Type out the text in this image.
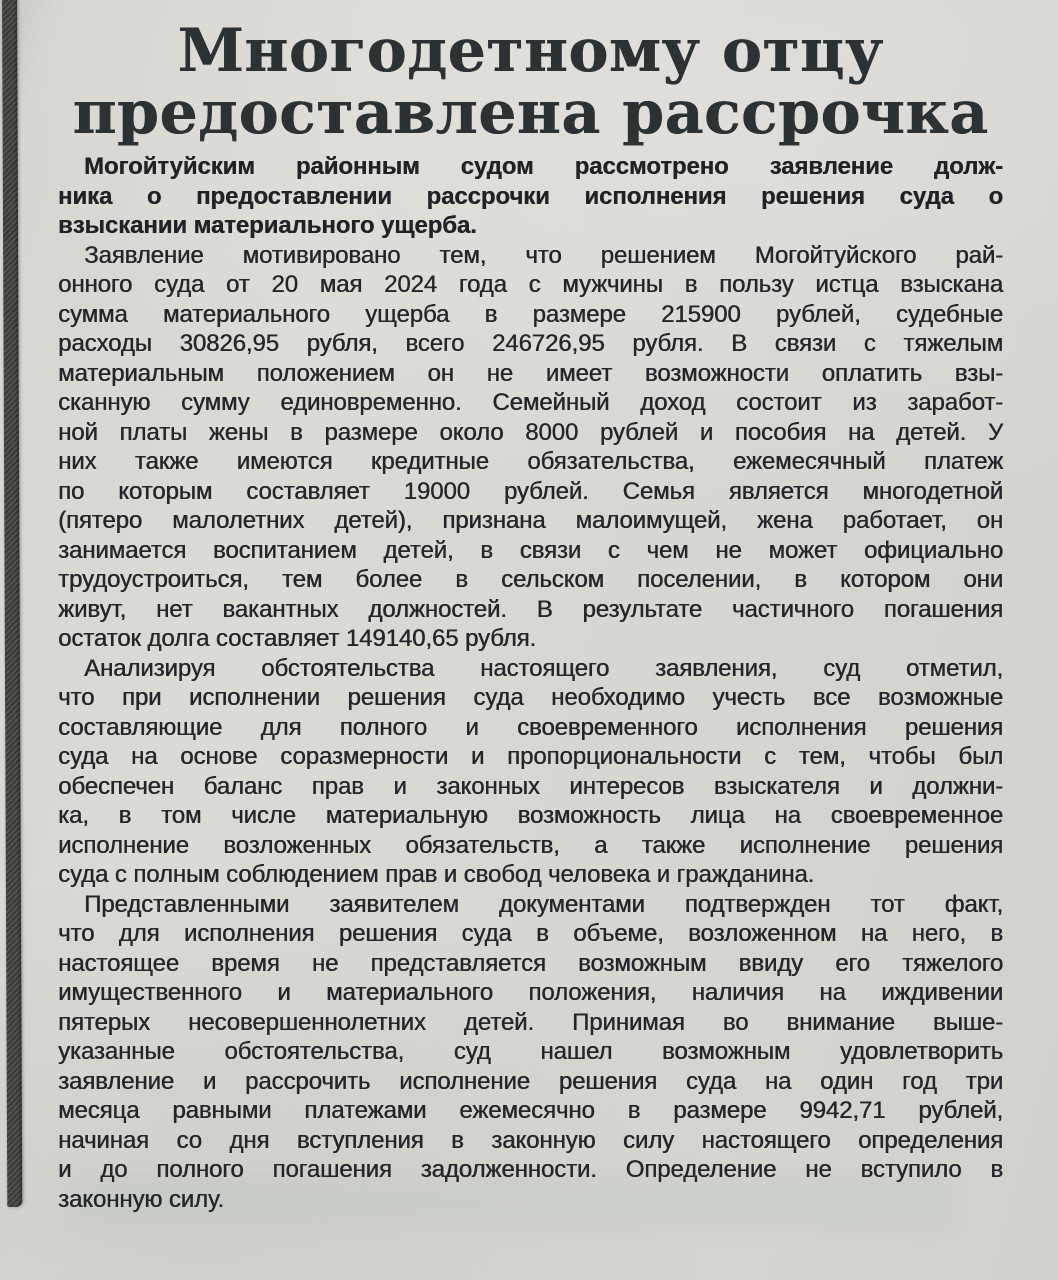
Многодетному отцу
предоставлена рассрочка
Могойтуйским районным судом рассмотрено заявление долж-
ника о предоставлении рассрочки исполнения решения суда о
взыскании материального ущерба.
Заявление мотивировано тем, что решением Могойтуйского рай-
онного суда от 20 мая 2024 года с мужчины в пользу истца взыскана
сумма материального ущерба в размере 215900 рублей, судебные
расходы 30826,95 рубля, всего 246726,95 рубля. В связи с тяжелым
материальным положением он не имеет возможности оплатить взы-
сканную сумму единовременно. Семейный доход состоит из заработ-
ной платы жены в размере около 8000 рублей и пособия на детей. У
них также имеются кредитные обязательства, ежемесячный платеж
по которым составляет 19000 рублей. Семья является многодетной
(пятеро малолетних детей), признана малоимущей, жена работает, он
занимается воспитанием детей, в связи с чем не может официально
трудоустроиться, тем более в сельском поселении, в котором они
живут, нет вакантных должностей. В результате частичного погашения
остаток долга составляет 149140,65 рубля.
Анализируя обстоятельства настоящего заявления, суд отметил,
что при исполнении решения суда необходимо учесть все возможные
составляющие для полного и своевременного исполнения решения
суда на основе соразмерности и пропорциональности с тем, чтобы был
обеспечен баланс прав и законных интересов взыскателя и должни-
ка, в том числе материальную возможность лица на своевременное
исполнение возложенных обязательств, а также исполнение решения
суда с полным соблюдением прав и свобод человека и гражданина.
Представленными заявителем документами подтвержден тот факт,
что для исполнения решения суда в объеме, возложенном на него, в
настоящее время не представляется возможным ввиду его тяжелого
имущественного и материального положения, наличия на иждивении
пятерых несовершеннолетних детей. Принимая во внимание выше-
указанные обстоятельства, суд нашел возможным удовлетворить
заявление и рассрочить исполнение решения суда на один год три
месяца равными платежами ежемесячно в размере 9942,71 рублей,
начиная со дня вступления в законную силу настоящего определения
и до полного погашения задолженности. Определение не вступило в
законную силу.
